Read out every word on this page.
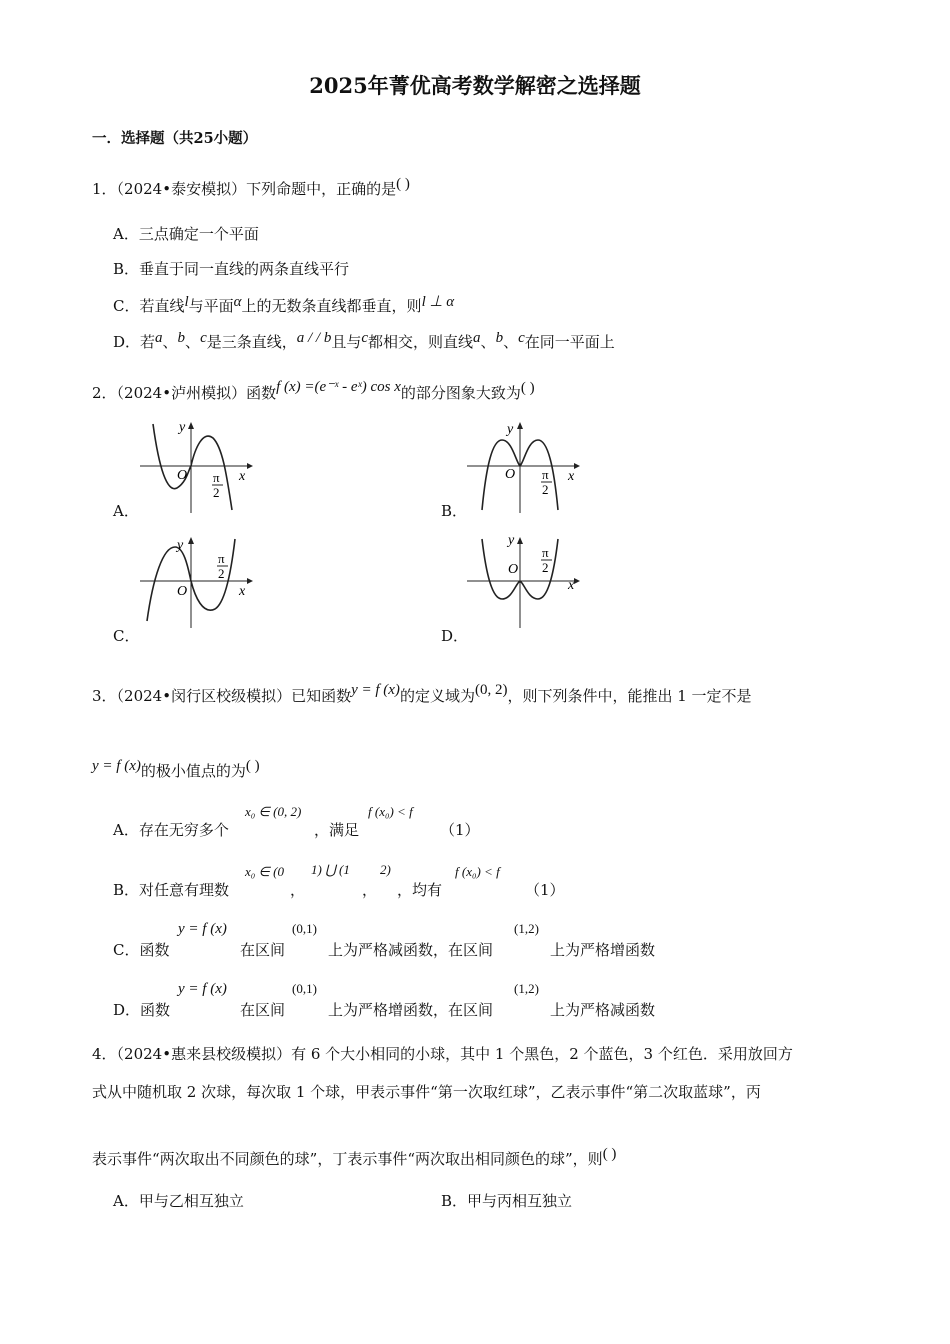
2025年菁优高考数学解密之选择题
一．选择题（共25小题）
1．（2024•泰安模拟）下列命题中，正确的是( )
A．三点确定一个平面
B．垂直于同一直线的两条直线平行
C．若直线l与平面α上的无数条直线都垂直，则l ⊥ α
D．若a、b、c是三条直线，a / / b且与c都相交，则直线a、b、c在同一平面上
2．（2024•泸州模拟）函数f (x) =(e⁻ˣ - eˣ) cos x的部分图象大致为( )
y
O	x
π
2
A．
y
O	x
π
2
B．
y
O	x
π
2
C．
y
O
x
π
2
D．
3．（2024•闵行区校级模拟）已知函数y = f (x)的定义域为(0, 2)，则下列条件中，能推出 1 一定不是
y = f (x)的极小值点的为( )
A．存在无穷多个
x₀ ∈ (0, 2)
，满足
f (x₀) < f
（1）
B．对任意有理数
x₀ ∈ (0 1) ⋃ (1 2)
，	， ，均有
f (x₀) < f
（1）
C．函数
y = f (x)
在区间
(0,1)
上为严格减函数，在区间
(1,2)
上为严格增函数
D．函数
y = f (x)
在区间
(0,1)
上为严格增函数，在区间
(1,2)
上为严格减函数
4．（2024•惠来县校级模拟）有 6 个大小相同的小球，其中 1 个黑色，2 个蓝色，3 个红色．采用放回方
式从中随机取 2 次球，每次取 1 个球，甲表示事件“第一次取红球”，乙表示事件“第二次取蓝球”，丙
表示事件“两次取出不同颜色的球”，丁表示事件“两次取出相同颜色的球”，则( )
A．甲与乙相互独立	B．甲与丙相互独立
